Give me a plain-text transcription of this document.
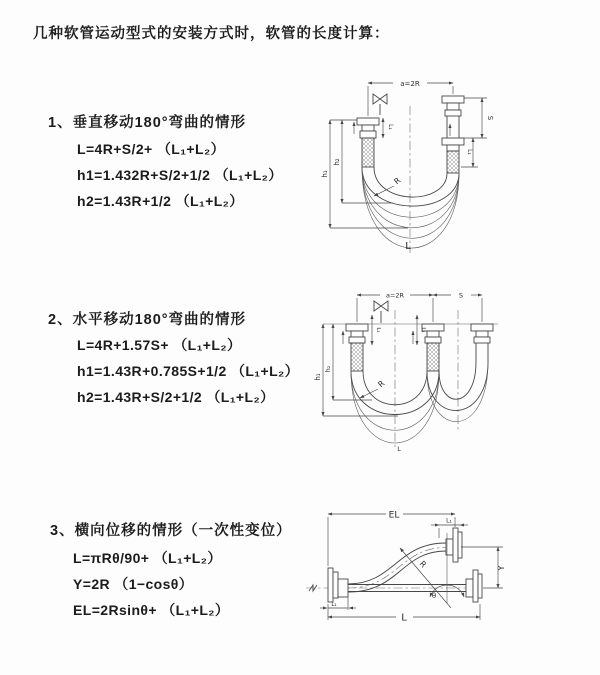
几种软管运动型式的安装方式时，软管的长度计算：
1、垂直移动180°弯曲的情形
L=4R+S/2+ （L₁+L₂）
h1=1.432R+S/2+1/2 （L₁+L₂）
h2=1.43R+1/2 （L₁+L₂）
a=2R
L₁
S
L₁
h₂
h₁
R
L
2、水平移动180°弯曲的情形
L=4R+1.57S+ （L₁+L₂）
h1=1.43R+0.785S+1/2 （L₁+L₂）
h2=1.43R+S/2+1/2 （L₁+L₂）
a=2R	S
L₁	L₁
h₁
h₂
R
L
3、横向位移的情形（一次性变位）
L=πRθ/90+ （L₁+L₂）
Y=2R （1−cosθ）
EL=2Rsinθ+ （L₁+L₂）
EL
L₁
Y
R
θ
L₁
L
